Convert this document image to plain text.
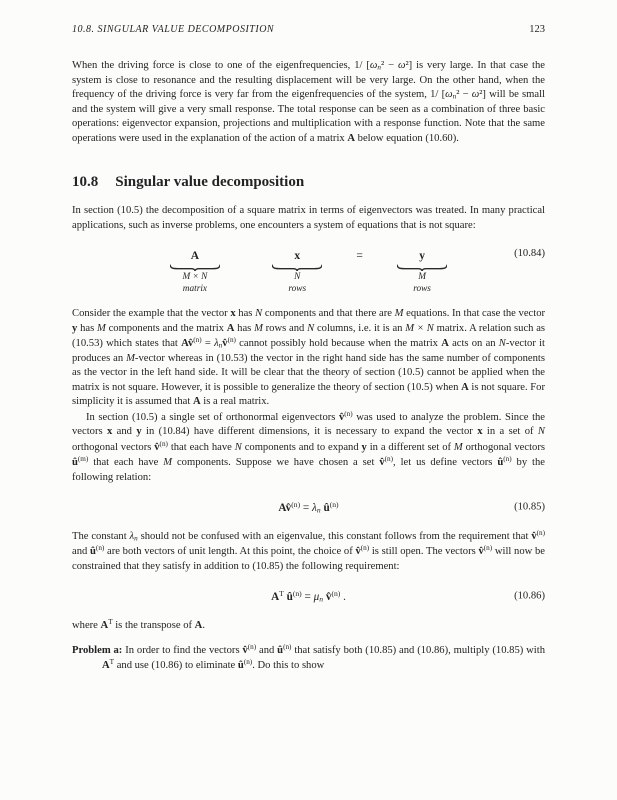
10.8. SINGULAR VALUE DECOMPOSITION	123

When the driving force is close to one of the eigenfrequencies, 1/ $[\omega_n^2 - \omega^2]$ is very large. In that case the system is close to resonance and the resulting displacement will be very large. On the other hand, when the frequency of the driving force is very far from the eigenfrequencies of the system, 1/ $[\omega_n^2 - \omega^2]$ will be small and the system will give a very small response. The total response can be seen as a combination of three basic operations: eigenvector expansion, projections and multiplication with a response function. Note that the same operations were used in the explanation of the action of a matrix A below equation (10.60).

10.8 Singular value decomposition

In section (10.5) the decomposition of a square matrix in terms of eigenvectors was treated. In many practical applications, such as inverse problems, one encounters a system of equations that is not square:

A
M × N
matrix
x
N
rows
=	y
M
rows
(10.84)

Consider the example that the vector x has N components and that there are M equations. In that case the vector y has M components and the matrix A has M rows and N columns, i.e. it is an M × N matrix. A relation such as (10.53) which states that Av̂$^{(n)}$ = $\lambda_nv̂^{(n)}$ cannot possibly hold because when the matrix A acts on an N-vector it produces an M-vector whereas in (10.53) the vector in the right hand side has the same number of components as the vector in the left hand side. It will be clear that the theory of section (10.5) cannot be applied when the matrix is not square. However, it is possible to generalize the theory of section (10.5) when A is not square. For simplicity it is assumed that A is a real matrix.

In section (10.5) a single set of orthonormal eigenvectors v̂$^{(n)}$ was used to analyze the problem. Since the vectors x and y in (10.84) have different dimensions, it is necessary to expand the vector x in a set of N orthogonal vectors v̂$^{(n)}$ that each have N components and to expand y in a different set of M orthogonal vectors $û^{(m)}$ that each have M components. Suppose we have chosen a set v̂$^{(n)}$, let us define vectors $û^{(n)}$ by the following relation:

Av̂$^{(n)}$ = $\lambda_n$ $û^{(n)}$	(10.85)

The constant $\lambda_n$ should not be confused with an eigenvalue, this constant follows from the requirement that v̂$^{(n)}$ and $û^{(n)}$ are both vectors of unit length. At this point, the choice of v̂$^{(n)}$ is still open. The vectors v̂$^{(n)}$ will now be constrained that they satisfy in addition to (10.85) the following requirement:

$A^T$ $û^{(n)} = \mu_n$ v̂$^{(n)}$ .	(10.86)

where $A^T$ is the transpose of A.

Problem a: In order to find the vectors v̂$^{(n)}$ and $û^{(n)}$ that satisfy both (10.85) and (10.86), multiply (10.85) with $A^T$ and use (10.86) to eliminate $û^{(n)}$. Do this to show
